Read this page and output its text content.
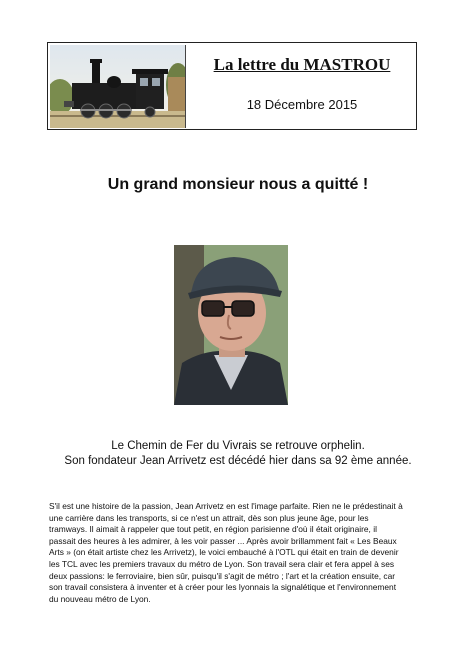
La lettre du MASTROU
18 Décembre 2015
Un grand monsieur nous a quitté !
Le Chemin de Fer du Vivrais se retrouve orphelin.
Son fondateur Jean Arrivetz est décédé hier dans sa 92 ème année.
S'il est une histoire de la passion, Jean Arrivetz en est l'image parfaite. Rien ne le prédestinait à
une carrière dans les transports, si ce n'est un attrait, dès son plus jeune âge, pour les
tramways. Il aimait à rappeler que tout petit, en région parisienne d'où il était originaire, il
passait des heures à les admirer, à les voir passer ... Après avoir brillamment fait « Les Beaux
Arts » (on était artiste chez les Arrivetz), le voici embauché à l'OTL qui était en train de devenir
les TCL avec les premiers travaux du métro de Lyon. Son travail sera clair et fera appel à ses
deux passions: le ferroviaire, bien sûr, puisqu'il s'agit de métro ; l'art et la création ensuite, car
son travail consistera à inventer et à créer pour les lyonnais la signalétique et l'environnement
du nouveau métro de Lyon.
